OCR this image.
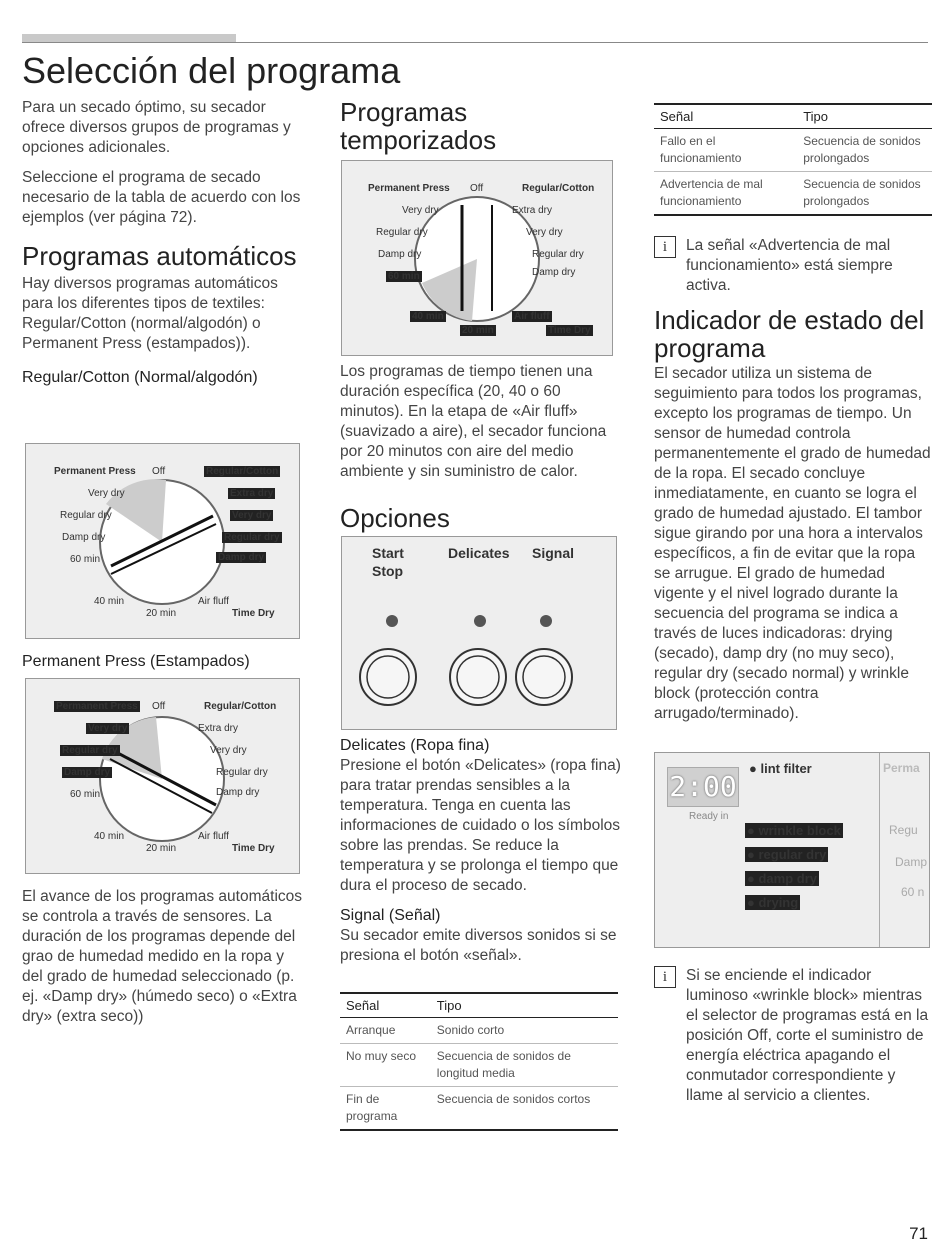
Selección del programa

Para un secado óptimo, su secador ofrece diversos grupos de programas y opciones adicionales.

Seleccione el programa de secado necesario de la tabla de acuerdo con los ejemplos (ver página 72).

Programas automáticos

Hay diversos programas automáticos para los diferentes tipos de textiles: Regular/Cotton (normal/algodón) o Permanent Press (estampados)).

Regular/Cotton (Normal/algodón)
Permanent Press Off	Regular/Cotton
Very dry
Regular dry
Damp dry
60 min
40 min
20 min
Extra dry
Very dry
Regular dry
Damp dry
Air fluff
Time Dry
Permanent Press (Estampados)
Permanent Press Off	Regular/Cotton
Very dry
Regular dry
Damp dry
60 min
40 min
20 min
Extra dry
Very dry
Regular dry
Damp dry
Air fluff
Time Dry

El avance de los programas automáticos se controla a través de sensores. La duración de los programas depende del grao de humedad medido en la ropa y del grado de humedad seleccionado (p. ej. «Damp dry» (húmedo seco) o «Extra dry» (extra seco))

Programas temporizados
Permanent Press Off	Regular/Cotton
Very dry
Regular dry
Damp dry
60 min
40 min
20 min
Extra dry
Very dry
Regular dry
Damp dry
Air fluff
Time Dry

Los programas de tiempo tienen una duración específica (20, 40 o 60 minutos). En la etapa de «Air fluff» (suavizado a aire), el secador funciona por 20 minutos con aire del medio ambiente y sin suministro de calor.

Opciones
Start
Stop
Delicates Signal
Delicates (Ropa fina)

Presione el botón «Delicates» (ropa fina) para tratar prendas sensibles a la temperatura. Tenga en cuenta las informaciones de cuidado o los símbolos sobre las prendas. Se reduce la temperatura y se prolonga el tiempo que dura el proceso de secado.

Signal (Señal)

Su secador emite diversos sonidos si se presiona el botón «señal».

Señal	Tipo
Arranque	Sonido corto
No muy seco	Secuencia de sonidos de longitud media
Fin de programa	Secuencia de sonidos cortos
Señal	Tipo
Fallo en el funcionamiento	Secuencia de sonidos prolongados
Advertencia de mal funcionamiento	Secuencia de sonidos prolongados
i	La señal «Advertencia de mal funcionamiento» está siempre activa.

Indicador de estado del programa

El secador utiliza un sistema de seguimiento para todos los programas, excepto los programas de tiempo. Un sensor de humedad controla permanentemente el grado de humedad de la ropa. El secado concluye inmediatamente, en cuanto se logra el grado de humedad ajustado. El tambor sigue girando por una hora a intervalos específicos, a fin de evitar que la ropa se arrugue. El grado de humedad vigente y el nivel logrado durante la secuencia del programa se indica a través de luces indicadoras: drying (secado), damp dry (no muy seco), regular dry (secado normal) y wrinkle block (protección contra arrugado/terminado).

2:00
Ready in
● lint filter
● wrinkle block
● regular dry
● damp dry
● drying
Perma
Regu
Damp
60 n
i	Si se enciende el indicador luminoso «wrinkle block» mientras el selector de programas está en la posición Off, corte el suministro de energía eléctrica apagando el conmutador correspondiente y llame al servicio a clientes.

71
